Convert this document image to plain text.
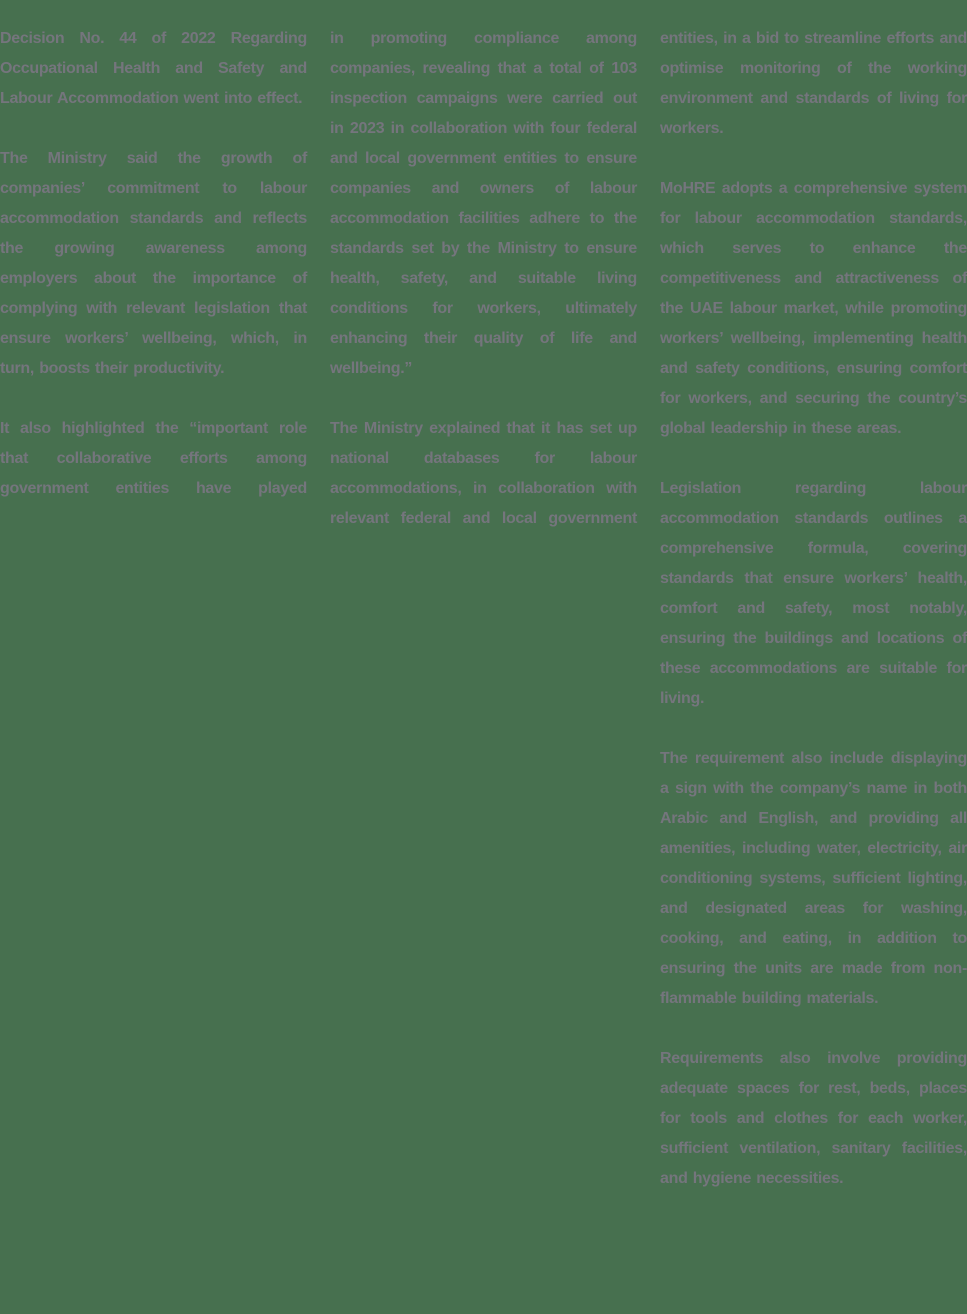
Decision No. 44 of 2022 Regarding Occupational Health and Safety and Labour Accommodation went into effect.

The Ministry said the growth of companies’ commitment to labour accommodation standards and reflects the growing awareness among employers about the importance of complying with relevant legislation that ensure workers’ wellbeing, which, in turn, boosts their productivity.

It also highlighted the “important role that collaborative efforts among government entities have played

in promoting compliance among companies, revealing that a total of 103 inspection campaigns were carried out in 2023 in collaboration with four federal and local government entities to ensure companies and owners of labour accommodation facilities adhere to the standards set by the Ministry to ensure health, safety, and suitable living conditions for workers, ultimately enhancing their quality of life and wellbeing.”

The Ministry explained that it has set up national databases for labour accommodations, in collaboration with relevant federal and local government

entities, in a bid to streamline efforts and optimise monitoring of the working environment and standards of living for workers.

MoHRE adopts a comprehensive system for labour accommodation standards, which serves to enhance the competitiveness and attractiveness of the UAE labour market, while promoting workers’ wellbeing, implementing health and safety conditions, ensuring comfort for workers, and securing the country’s global leadership in these areas.

Legislation regarding labour accommodation standards outlines a comprehensive formula, covering standards that ensure workers’ health, comfort and safety, most notably, ensuring the buildings and locations of these accommodations are suitable for living.

The requirement also include displaying a sign with the company’s name in both Arabic and English, and providing all amenities, including water, electricity, air conditioning systems, sufficient lighting, and designated areas for washing, cooking, and eating, in addition to ensuring the units are made from non-flammable building materials.

Requirements also involve providing adequate spaces for rest, beds, places for tools and clothes for each worker, sufficient ventilation, sanitary facilities, and hygiene necessities.
